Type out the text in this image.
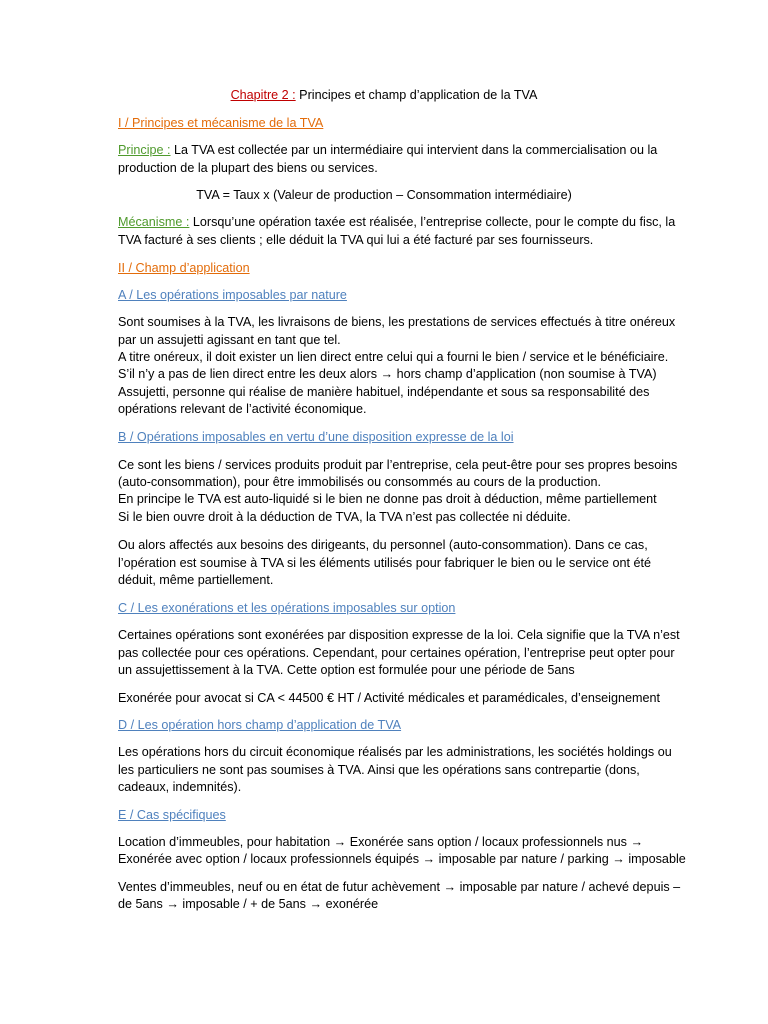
Chapitre 2 : Principes et champ d’application de la TVA
I / Principes et mécanisme de la TVA
Principe : La TVA est collectée par un intermédiaire qui intervient dans la commercialisation ou la
production de la plupart des biens ou services.
TVA = Taux x (Valeur de production – Consommation intermédiaire)
Mécanisme : Lorsqu’une opération taxée est réalisée, l’entreprise collecte, pour le compte du fisc, la
TVA facturé à ses clients ; elle déduit la TVA qui lui a été facturé par ses fournisseurs.
II / Champ d’application
A / Les opérations imposables par nature
Sont soumises à la TVA, les livraisons de biens, les prestations de services effectués à titre onéreux
par un assujetti agissant en tant que tel.
A titre onéreux, il doit exister un lien direct entre celui qui a fourni le bien / service et le bénéficiaire.
S’il n’y a pas de lien direct entre les deux alors → hors champ d’application (non soumise à TVA)
Assujetti, personne qui réalise de manière habituel, indépendante et sous sa responsabilité des
opérations relevant de l’activité économique.
B / Opérations imposables en vertu d’une disposition expresse de la loi
Ce sont les biens / services produits produit par l’entreprise, cela peut-être pour ses propres besoins
(auto-consommation), pour être immobilisés ou consommés au cours de la production.
En principe le TVA est auto-liquidé si le bien ne donne pas droit à déduction, même partiellement
Si le bien ouvre droit à la déduction de TVA, la TVA n’est pas collectée ni déduite.
Ou alors affectés aux besoins des dirigeants, du personnel (auto-consommation). Dans ce cas,
l’opération est soumise à TVA si les éléments utilisés pour fabriquer le bien ou le service ont été
déduit, même partiellement.
C / Les exonérations et les opérations imposables sur option
Certaines opérations sont exonérées par disposition expresse de la loi. Cela signifie que la TVA n’est
pas collectée pour ces opérations. Cependant, pour certaines opération, l’entreprise peut opter pour
un assujettissement à la TVA. Cette option est formulée pour une période de 5ans
Exonérée pour avocat si CA < 44500 € HT / Activité médicales et paramédicales, d’enseignement
D / Les opération hors champ d’application de TVA
Les opérations hors du circuit économique réalisés par les administrations, les sociétés holdings ou
les particuliers ne sont pas soumises à TVA. Ainsi que les opérations sans contrepartie (dons,
cadeaux, indemnités).
E / Cas spécifiques
Location d’immeubles, pour habitation → Exonérée sans option / locaux professionnels nus →
Exonérée avec option / locaux professionnels équipés → imposable par nature / parking → imposable
Ventes d’immeubles, neuf ou en état de futur achèvement → imposable par nature / achevé depuis –
de 5ans → imposable / + de 5ans → exonérée
